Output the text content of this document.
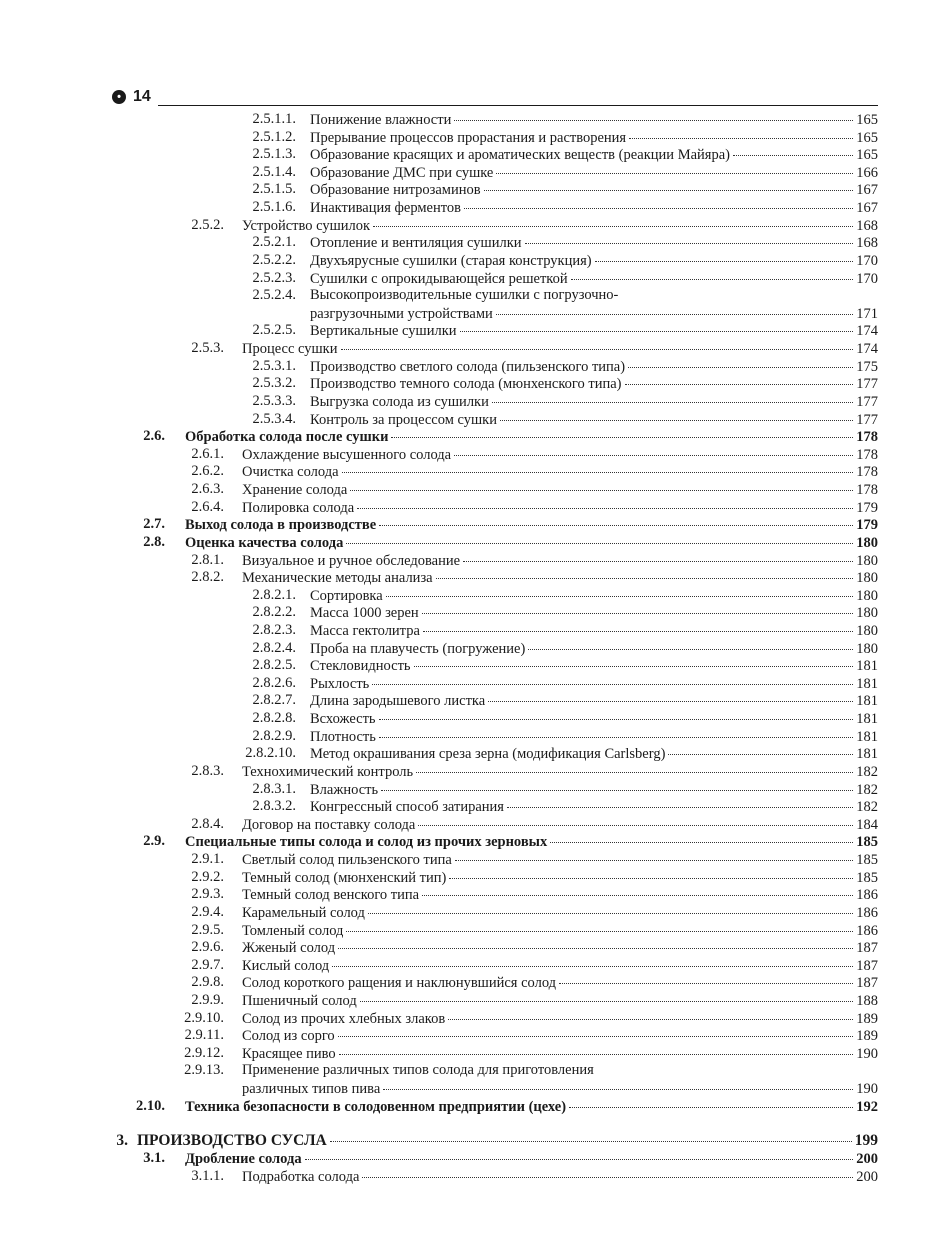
• 14
2.5.1.1. Понижение влажности	165
2.5.1.2. Прерывание процессов прорастания и растворения	165
2.5.1.3. Образование красящих и ароматических веществ (реакции Майяра)	165
2.5.1.4. Образование ДМС при сушке	166
2.5.1.5. Образование нитрозаминов	167
2.5.1.6. Инактивация ферментов	167
2.5.2. Устройство сушилок	168
2.5.2.1. Отопление и вентиляция сушилки	168
2.5.2.2. Двухъярусные сушилки (старая конструкция)	170
2.5.2.3. Сушилки с опрокидывающейся решеткой	170
2.5.2.4. Высокопроизводительные сушилки с погрузочно-
разгрузочными устройствами	171
2.5.2.5. Вертикальные сушилки	174
2.5.3. Процесс сушки	174
2.5.3.1. Производство светлого солода (пильзенского типа)	175
2.5.3.2. Производство темного солода (мюнхенского типа)	177
2.5.3.3. Выгрузка солода из сушилки	177
2.5.3.4. Контроль за процессом сушки	177
2.6. Обработка солода после сушки	178
2.6.1. Охлаждение высушенного солода	178
2.6.2. Очистка солода	178
2.6.3. Хранение солода	178
2.6.4. Полировка солода	179
2.7. Выход солода в производстве	179
2.8. Оценка качества солода	180
2.8.1. Визуальное и ручное обследование	180
2.8.2. Механические методы анализа	180
2.8.2.1. Сортировка	180
2.8.2.2. Масса 1000 зерен	180
2.8.2.3. Масса гектолитра	180
2.8.2.4. Проба на плавучесть (погружение)	180
2.8.2.5. Стекловидность	181
2.8.2.6. Рыхлость	181
2.8.2.7. Длина зародышевого листка	181
2.8.2.8. Всхожесть	181
2.8.2.9. Плотность	181
2.8.2.10. Метод окрашивания среза зерна (модификация Carlsberg)	181
2.8.3. Технохимический контроль	182
2.8.3.1. Влажность	182
2.8.3.2. Конгрессный способ затирания	182
2.8.4. Договор на поставку солода	184
2.9. Специальные типы солода и солод из прочих зерновых	185
2.9.1. Светлый солод пильзенского типа	185
2.9.2. Темный солод (мюнхенский тип)	185
2.9.3. Темный солод венского типа	186
2.9.4. Карамельный солод	186
2.9.5. Томленый солод	186
2.9.6. Жженый солод	187
2.9.7. Кислый солод	187
2.9.8. Солод короткого ращения и наклюнувшийся солод	187
2.9.9. Пшеничный солод	188
2.9.10. Солод из прочих хлебных злаков	189
2.9.11. Солод из сорго	189
2.9.12. Красящее пиво	190
2.9.13. Применение различных типов солода для приготовления
различных типов пива	190
2.10. Техника безопасности в солодовенном предприятии (цехе)	192
3. ПРОИЗВОДСТВО СУСЛА	199
3.1. Дробление солода	200
3.1.1. Подработка солода	200
